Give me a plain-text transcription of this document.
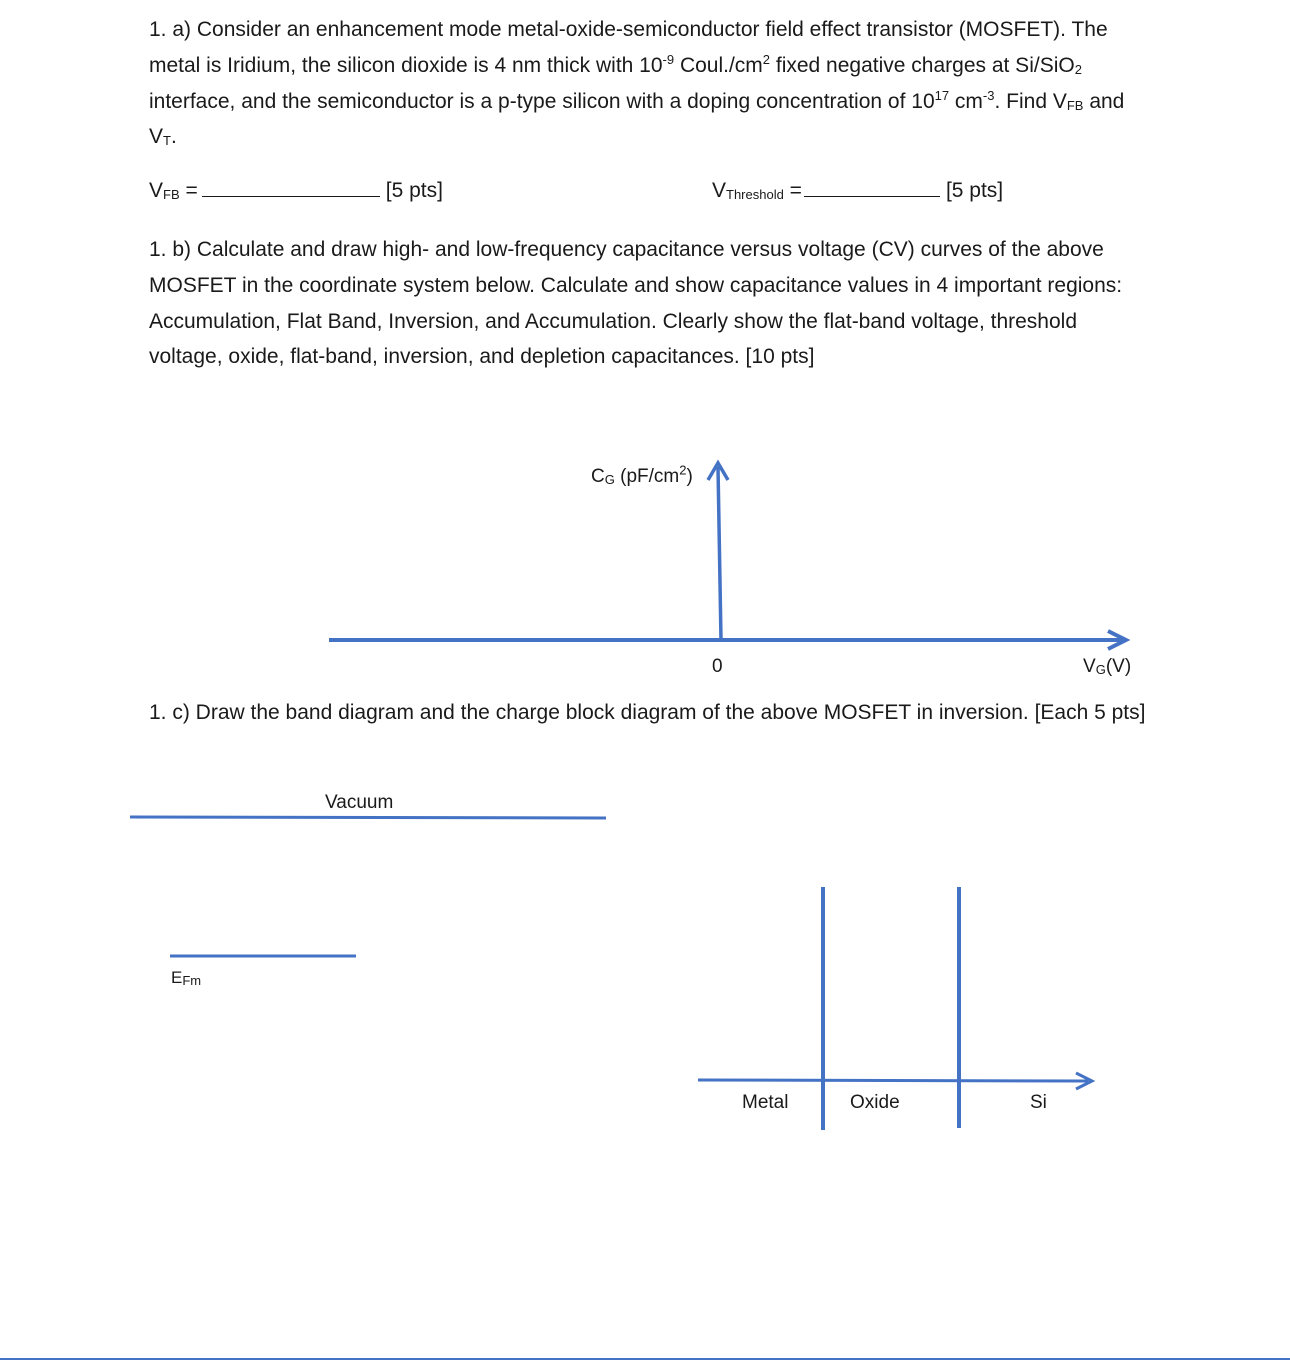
1. a) Consider an enhancement mode metal-oxide-semiconductor field effect transistor (MOSFET). The metal is Iridium, the silicon dioxide is 4 nm thick with $10^{-9}$ $Coul./cm^2$ fixed negative charges at Si/SiO$_2$ interface, and the semiconductor is a p-type silicon with a doping concentration of $10^{17}$ $cm^{-3}$. Find $V_{FB}$ and $V_T$.

$V_{FB}$ =	[5 pts]	$V_{Threshold}$ =	[5 pts]

1. b) Calculate and draw high- and low-frequency capacitance versus voltage (CV) curves of the above MOSFET in the coordinate system below. Calculate and show capacitance values in 4 important regions: Accumulation, Flat Band, Inversion, and Accumulation. Clearly show the flat-band voltage, threshold voltage, oxide, flat-band, inversion, and depletion capacitances. [10 pts]

$C_G$ $(pF/cm^2)$
0	$V_G(V)$

1. c) Draw the band diagram and the charge block diagram of the above MOSFET in inversion. [Each 5 pts]

Vacuum
$E_{Fm}$
Metal	Oxide	Si
